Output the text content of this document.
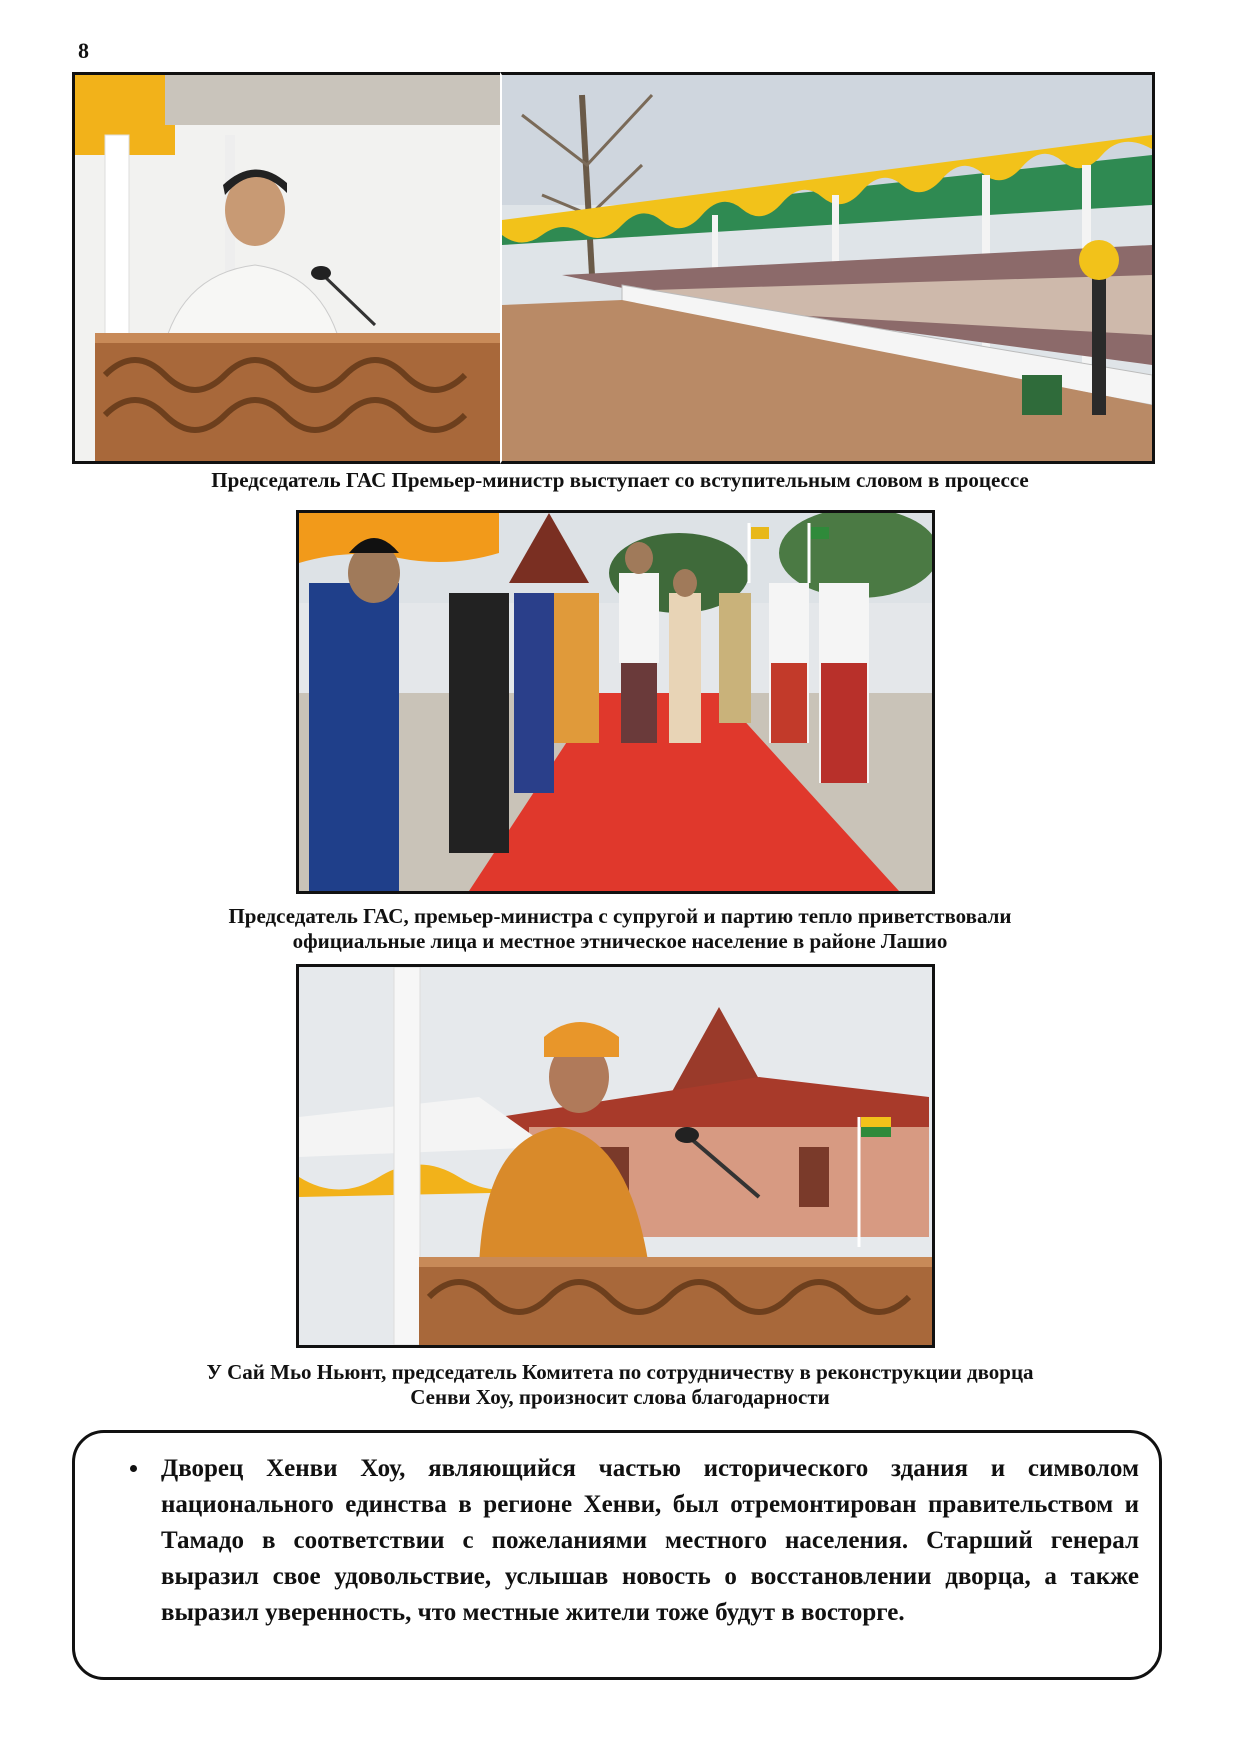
8
Председатель ГАС Премьер-министр выступает со вступительным словом в процессе
Председатель ГАС, премьер-министра с супругой и партию тепло приветствовали
официальные лица и местное этническое население в районе Лашио
У Сай Мьо Ньюнт, председатель Комитета по сотрудничеству в реконструкции дворца
Сенви Хоу, произносит слова благодарности
• Дворец Хенви Хоу, являющийся частью исторического здания и символом национального единства в регионе Хенви, был отремонтирован правительством и Тамадо в соответствии с пожеланиями местного населения. Старший генерал выразил свое удовольствие, услышав новость о восстановлении дворца, а также выразил уверенность, что местные жители тоже будут в восторге.
